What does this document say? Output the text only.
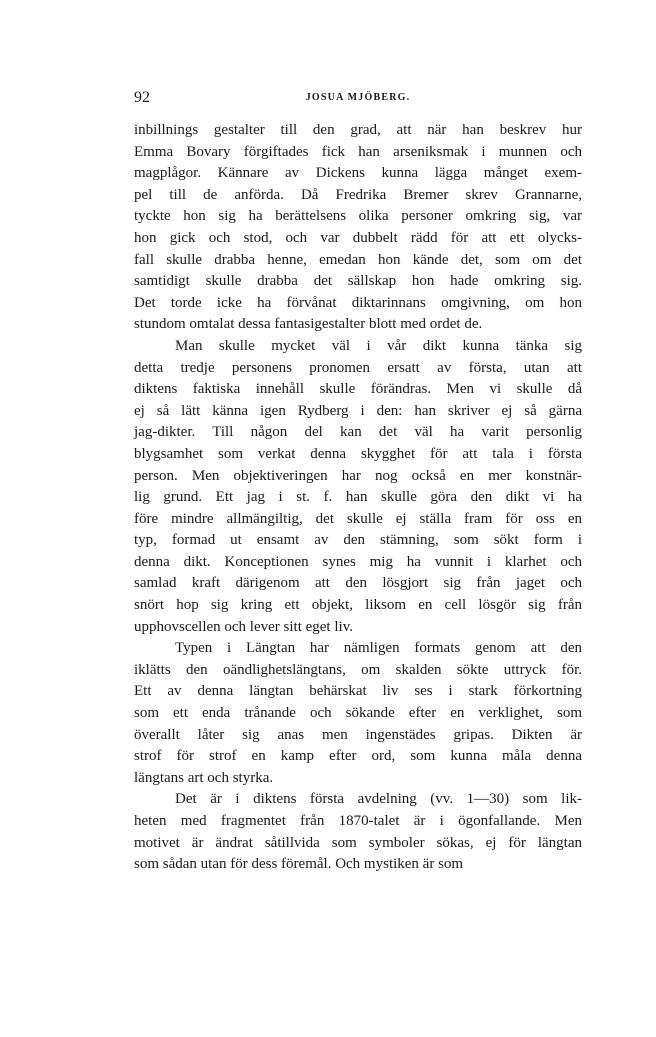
92	JOSUA MJÖBERG.
inbillnings gestalter till den grad, att när han beskrev hur
Emma Bovary förgiftades fick han arseniksmak i munnen och
magplågor. Kännare av Dickens kunna lägga månget exem-
pel till de anförda. Då Fredrika Bremer skrev Grannarne,
tyckte hon sig ha berättelsens olika personer omkring sig, var
hon gick och stod, och var dubbelt rädd för att ett olycks-
fall skulle drabba henne, emedan hon kände det, som om det
samtidigt skulle drabba det sällskap hon hade omkring sig.
Det torde icke ha förvånat diktarinnans omgivning, om hon
stundom omtalat dessa fantasigestalter blott med ordet de.
Man skulle mycket väl i vår dikt kunna tänka sig
detta tredje personens pronomen ersatt av första, utan att
diktens faktiska innehåll skulle förändras. Men vi skulle då
ej så lätt känna igen Rydberg i den: han skriver ej så gärna
jag-dikter. Till någon del kan det väl ha varit personlig
blygsamhet som verkat denna skygghet för att tala i första
person. Men objektiveringen har nog också en mer konstnär-
lig grund. Ett jag i st. f. han skulle göra den dikt vi ha
före mindre allmängiltig, det skulle ej ställa fram för oss en
typ, formad ut ensamt av den stämning, som sökt form i
denna dikt. Konceptionen synes mig ha vunnit i klarhet och
samlad kraft därigenom att den lösgjort sig från jaget och
snört hop sig kring ett objekt, liksom en cell lösgör sig från
upphovscellen och lever sitt eget liv.
Typen i Längtan har nämligen formats genom att den
iklätts den oändlighetslängtans, om skalden sökte uttryck för.
Ett av denna längtan behärskat liv ses i stark förkortning
som ett enda trånande och sökande efter en verklighet, som
överallt låter sig anas men ingenstädes gripas. Dikten är
strof för strof en kamp efter ord, som kunna måla denna
längtans art och styrka.
Det är i diktens första avdelning (vv. 1—30) som lik-
heten med fragmentet från 1870-talet är i ögonfallande. Men
motivet är ändrat såtillvida som symboler sökas, ej för längtan
som sådan utan för dess föremål. Och mystiken är som
